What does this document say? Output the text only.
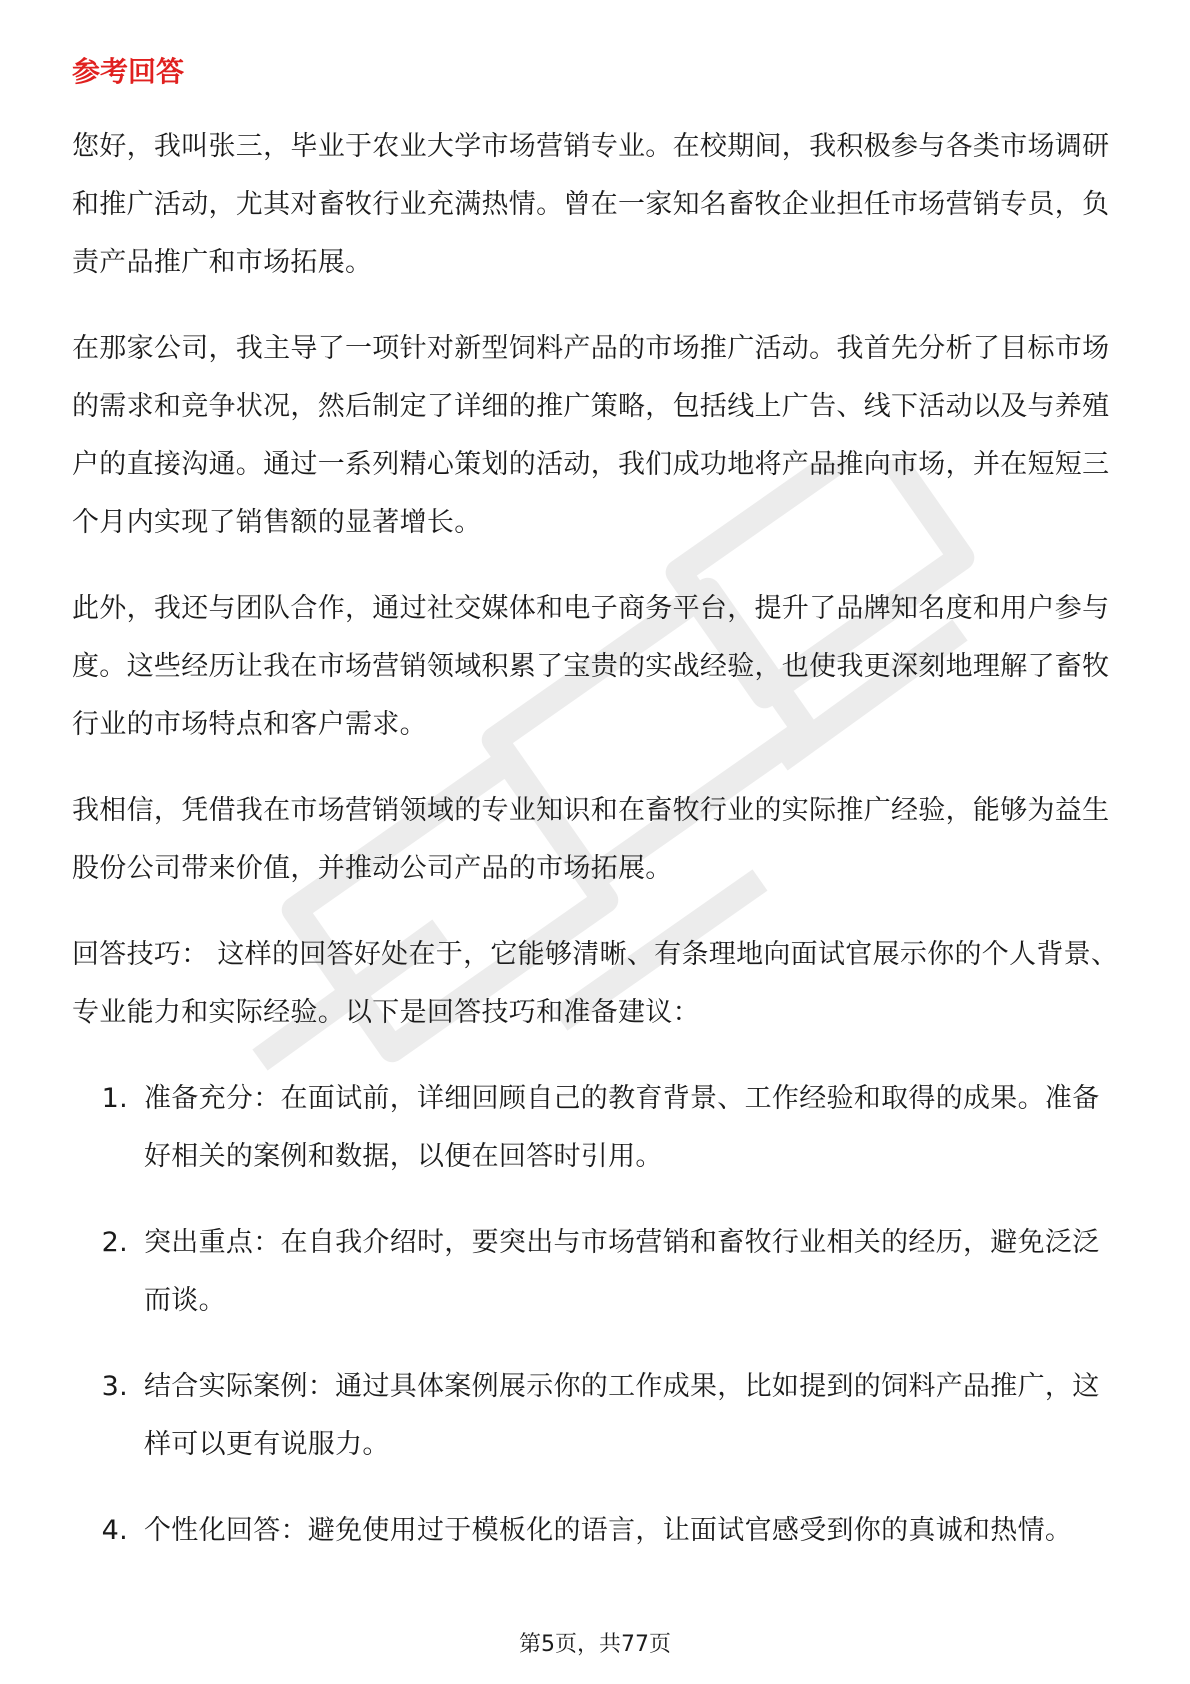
参考回答

您好，我叫张三，毕业于农业大学市场营销专业。在校期间，我积极参与各类市场调研和推广活动，尤其对畜牧行业充满热情。曾在一家知名畜牧企业担任市场营销专员，负责产品推广和市场拓展。

在那家公司，我主导了一项针对新型饲料产品的市场推广活动。我首先分析了目标市场的需求和竞争状况，然后制定了详细的推广策略，包括线上广告、线下活动以及与养殖户的直接沟通。通过一系列精心策划的活动，我们成功地将产品推向市场，并在短短三个月内实现了销售额的显著增长。

此外，我还与团队合作，通过社交媒体和电子商务平台，提升了品牌知名度和用户参与度。这些经历让我在市场营销领域积累了宝贵的实战经验，也使我更深刻地理解了畜牧行业的市场特点和客户需求。

我相信，凭借我在市场营销领域的专业知识和在畜牧行业的实际推广经验，能够为益生股份公司带来价值，并推动公司产品的市场拓展。

回答技巧： 这样的回答好处在于，它能够清晰、有条理地向面试官展示你的个人背景、专业能力和实际经验。以下是回答技巧和准备建议：

1. 准备充分：在面试前，详细回顾自己的教育背景、工作经验和取得的成果。准备好相关的案例和数据，以便在回答时引用。
2. 突出重点：在自我介绍时，要突出与市场营销和畜牧行业相关的经历，避免泛泛而谈。
3. 结合实际案例：通过具体案例展示你的工作成果，比如提到的饲料产品推广，这样可以更有说服力。
4. 个性化回答：避免使用过于模板化的语言，让面试官感受到你的真诚和热情。
第5页，共77页
